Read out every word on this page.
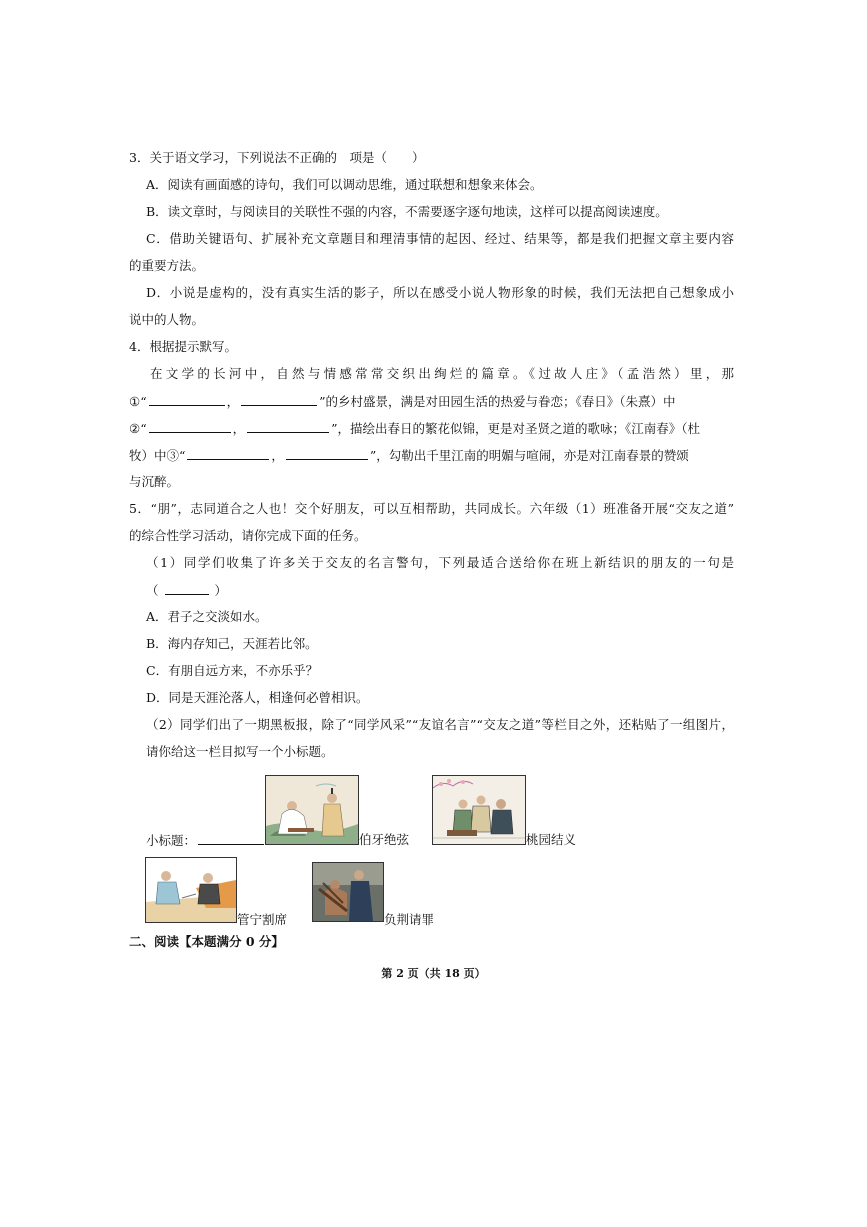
3．关于语文学习，下列说法不正确的　项是（　　）
A．阅读有画面感的诗句，我们可以调动思维，通过联想和想象来体会。
B．读文章时，与阅读目的关联性不强的内容，不需要逐字逐句地读，这样可以提高阅读速度。
C．借助关键语句、扩展补充文章题目和理清事情的起因、经过、结果等，都是我们把握文章主要内容
的重要方法。
D．小说是虚构的，没有真实生活的影子，所以在感受小说人物形象的时候，我们无法把自己想象成小
说中的人物。
4．根据提示默写。
在文学的长河中，自然与情感常常交织出绚烂的篇章。《过故人庄》（孟浩然）里，那
①“	，	”的乡村盛景，满是对田园生活的热爱与眷恋；《春日》（朱熹）中
②“	，	”，描绘出春日的繁花似锦，更是对圣贤之道的歌咏；《江南春》（杜
牧）中③“	，	”，勾勒出千里江南的明媚与喧闹，亦是对江南春景的赞颂
与沉醉。
5．“朋”，志同道合之人也！交个好朋友，可以互相帮助，共同成长。六年级（1）班准备开展“交友之道”
的综合性学习活动，请你完成下面的任务。
（1）同学们收集了许多关于交友的名言警句，下列最适合送给你在班上新结识的朋友的一句是
（	）
A．君子之交淡如水。
B．海内存知己，天涯若比邻。
C．有朋自远方来，不亦乐乎？
D．同是天涯沦落人，相逢何必曾相识。
（2）同学们出了一期黑板报，除了“同学风采”“友谊名言”“交友之道”等栏目之外，还粘贴了一组图片，
请你给这一栏目拟写一个小标题。
小标题：	伯牙绝弦	桃园结义
管宁割席	负荆请罪
二、阅读【本题满分 0 分】
第 2 页（共 18 页）
